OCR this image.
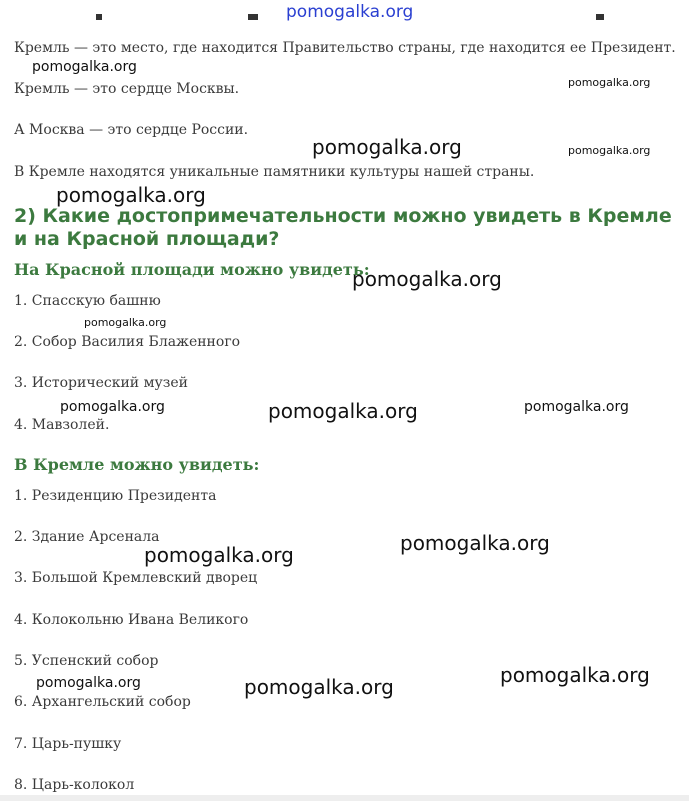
pomogalka.org

Кремль — это место, где находится Правительство страны, где находится ее Президент.

Кремль — это сердце Москвы.

А Москва — это сердце России.

В Кремле находятся уникальные памятники культуры нашей страны.

2) Какие достопримечательности можно увидеть в Кремле и на Красной площади?
На Красной площади можно увидеть:

1. Спасскую башню

2. Собор Василия Блаженного

3. Исторический музей

4. Мавзолей.

В Кремле можно увидеть:

1. Резиденцию Президента

2. Здание Арсенала

3. Большой Кремлевский дворец

4. Колокольню Ивана Великого

5. Успенский собор

6. Архангельский собор

7. Царь-пушку

8. Царь-колокол

pomogalka.org

pomogalka.org

pomogalka.org	pomogalka.org

pomogalka.org

pomogalka.org

pomogalka.org

pomogalka.org	pomogalka.org	pomogalka.org

pomogalka.org

pomogalka.org

pomogalka.org

pomogalka.org	pomogalka.org
